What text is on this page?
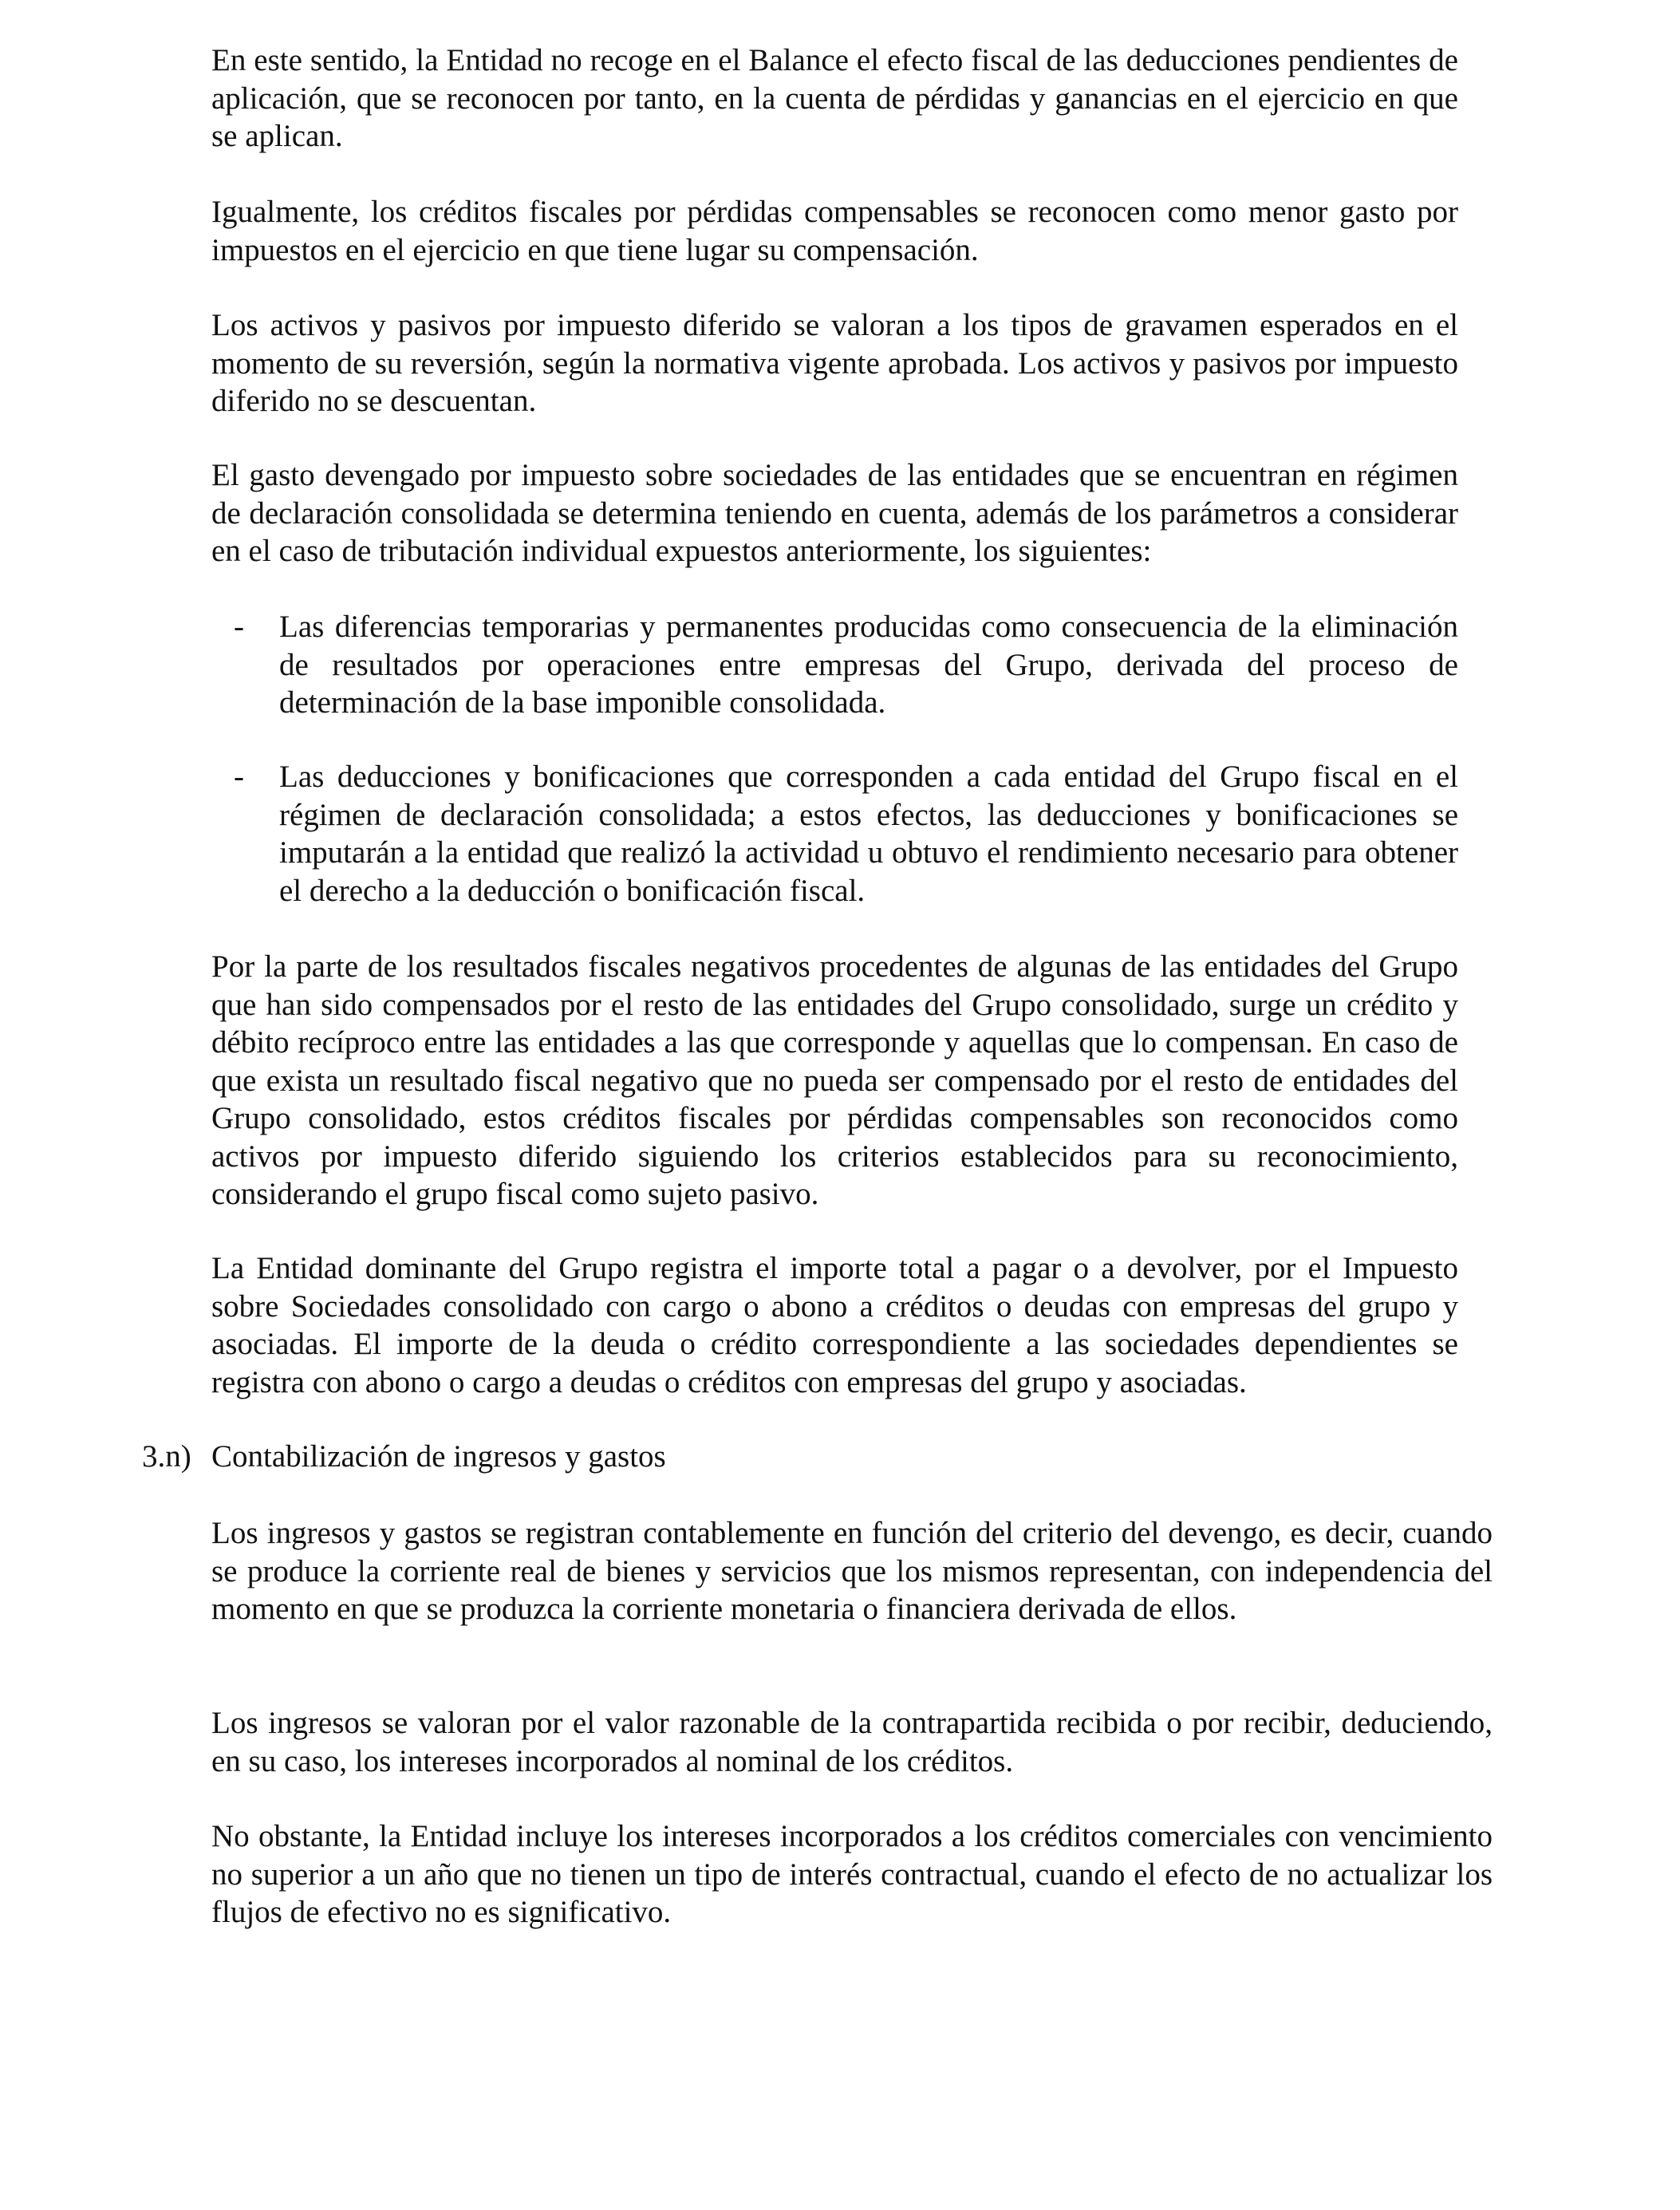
En este sentido, la Entidad no recoge en el Balance el efecto fiscal de las deducciones pendientes de aplicación, que se reconocen por tanto, en la cuenta de pérdidas y ganancias en el ejercicio en que se aplican.

Igualmente, los créditos fiscales por pérdidas compensables se reconocen como menor gasto por impuestos en el ejercicio en que tiene lugar su compensación.

Los activos y pasivos por impuesto diferido se valoran a los tipos de gravamen esperados en el momento de su reversión, según la normativa vigente aprobada. Los activos y pasivos por impuesto diferido no se descuentan.

El gasto devengado por impuesto sobre sociedades de las entidades que se encuentran en régimen de declaración consolidada se determina teniendo en cuenta, además de los parámetros a considerar en el caso de tributación individual expuestos anteriormente, los siguientes:

- Las diferencias temporarias y permanentes producidas como consecuencia de la eliminación de resultados por operaciones entre empresas del Grupo, derivada del proceso de determinación de la base imponible consolidada.

- Las deducciones y bonificaciones que corresponden a cada entidad del Grupo fiscal en el régimen de declaración consolidada; a estos efectos, las deducciones y bonificaciones se imputarán a la entidad que realizó la actividad u obtuvo el rendimiento necesario para obtener el derecho a la deducción o bonificación fiscal.

Por la parte de los resultados fiscales negativos procedentes de algunas de las entidades del Grupo que han sido compensados por el resto de las entidades del Grupo consolidado, surge un crédito y débito recíproco entre las entidades a las que corresponde y aquellas que lo compensan. En caso de que exista un resultado fiscal negativo que no pueda ser compensado por el resto de entidades del Grupo consolidado, estos créditos fiscales por pérdidas compensables son reconocidos como activos por impuesto diferido siguiendo los criterios establecidos para su reconocimiento, considerando el grupo fiscal como sujeto pasivo.

La Entidad dominante del Grupo registra el importe total a pagar o a devolver, por el Impuesto sobre Sociedades consolidado con cargo o abono a créditos o deudas con empresas del grupo y asociadas. El importe de la deuda o crédito correspondiente a las sociedades dependientes se registra con abono o cargo a deudas o créditos con empresas del grupo y asociadas.

3.n) Contabilización de ingresos y gastos

Los ingresos y gastos se registran contablemente en función del criterio del devengo, es decir, cuando se produce la corriente real de bienes y servicios que los mismos representan, con independencia del momento en que se produzca la corriente monetaria o financiera derivada de ellos.

Los ingresos se valoran por el valor razonable de la contrapartida recibida o por recibir, deduciendo, en su caso, los intereses incorporados al nominal de los créditos.

No obstante, la Entidad incluye los intereses incorporados a los créditos comerciales con vencimiento no superior a un año que no tienen un tipo de interés contractual, cuando el efecto de no actualizar los flujos de efectivo no es significativo.
